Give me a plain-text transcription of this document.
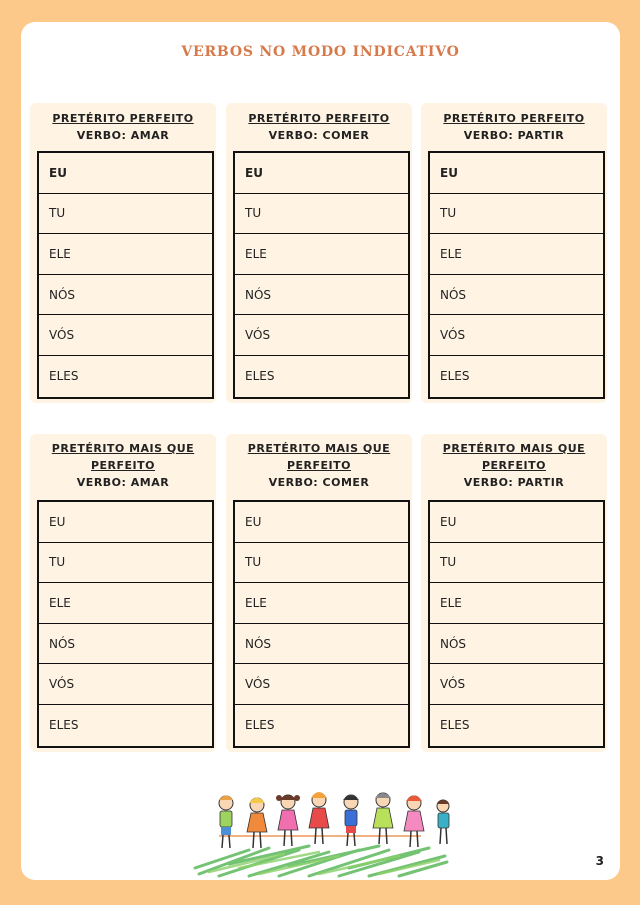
VERBOS NO MODO INDICATIVO
PRETÉRITO PERFEITO
VERBO: AMAR
EU
TU
ELE
NÓS
VÓS
ELES
PRETÉRITO PERFEITO
VERBO: COMER
EU
TU
ELE
NÓS
VÓS
ELES
PRETÉRITO PERFEITO
VERBO: PARTIR
EU
TU
ELE
NÓS
VÓS
ELES
PRETÉRITO MAIS QUE
PERFEITO
VERBO: AMAR
EU
TU
ELE
NÓS
VÓS
ELES
PRETÉRITO MAIS QUE
PERFEITO
VERBO: COMER
EU
TU
ELE
NÓS
VÓS
ELES
PRETÉRITO MAIS QUE
PERFEITO
VERBO: PARTIR
EU
TU
ELE
NÓS
VÓS
ELES
3
